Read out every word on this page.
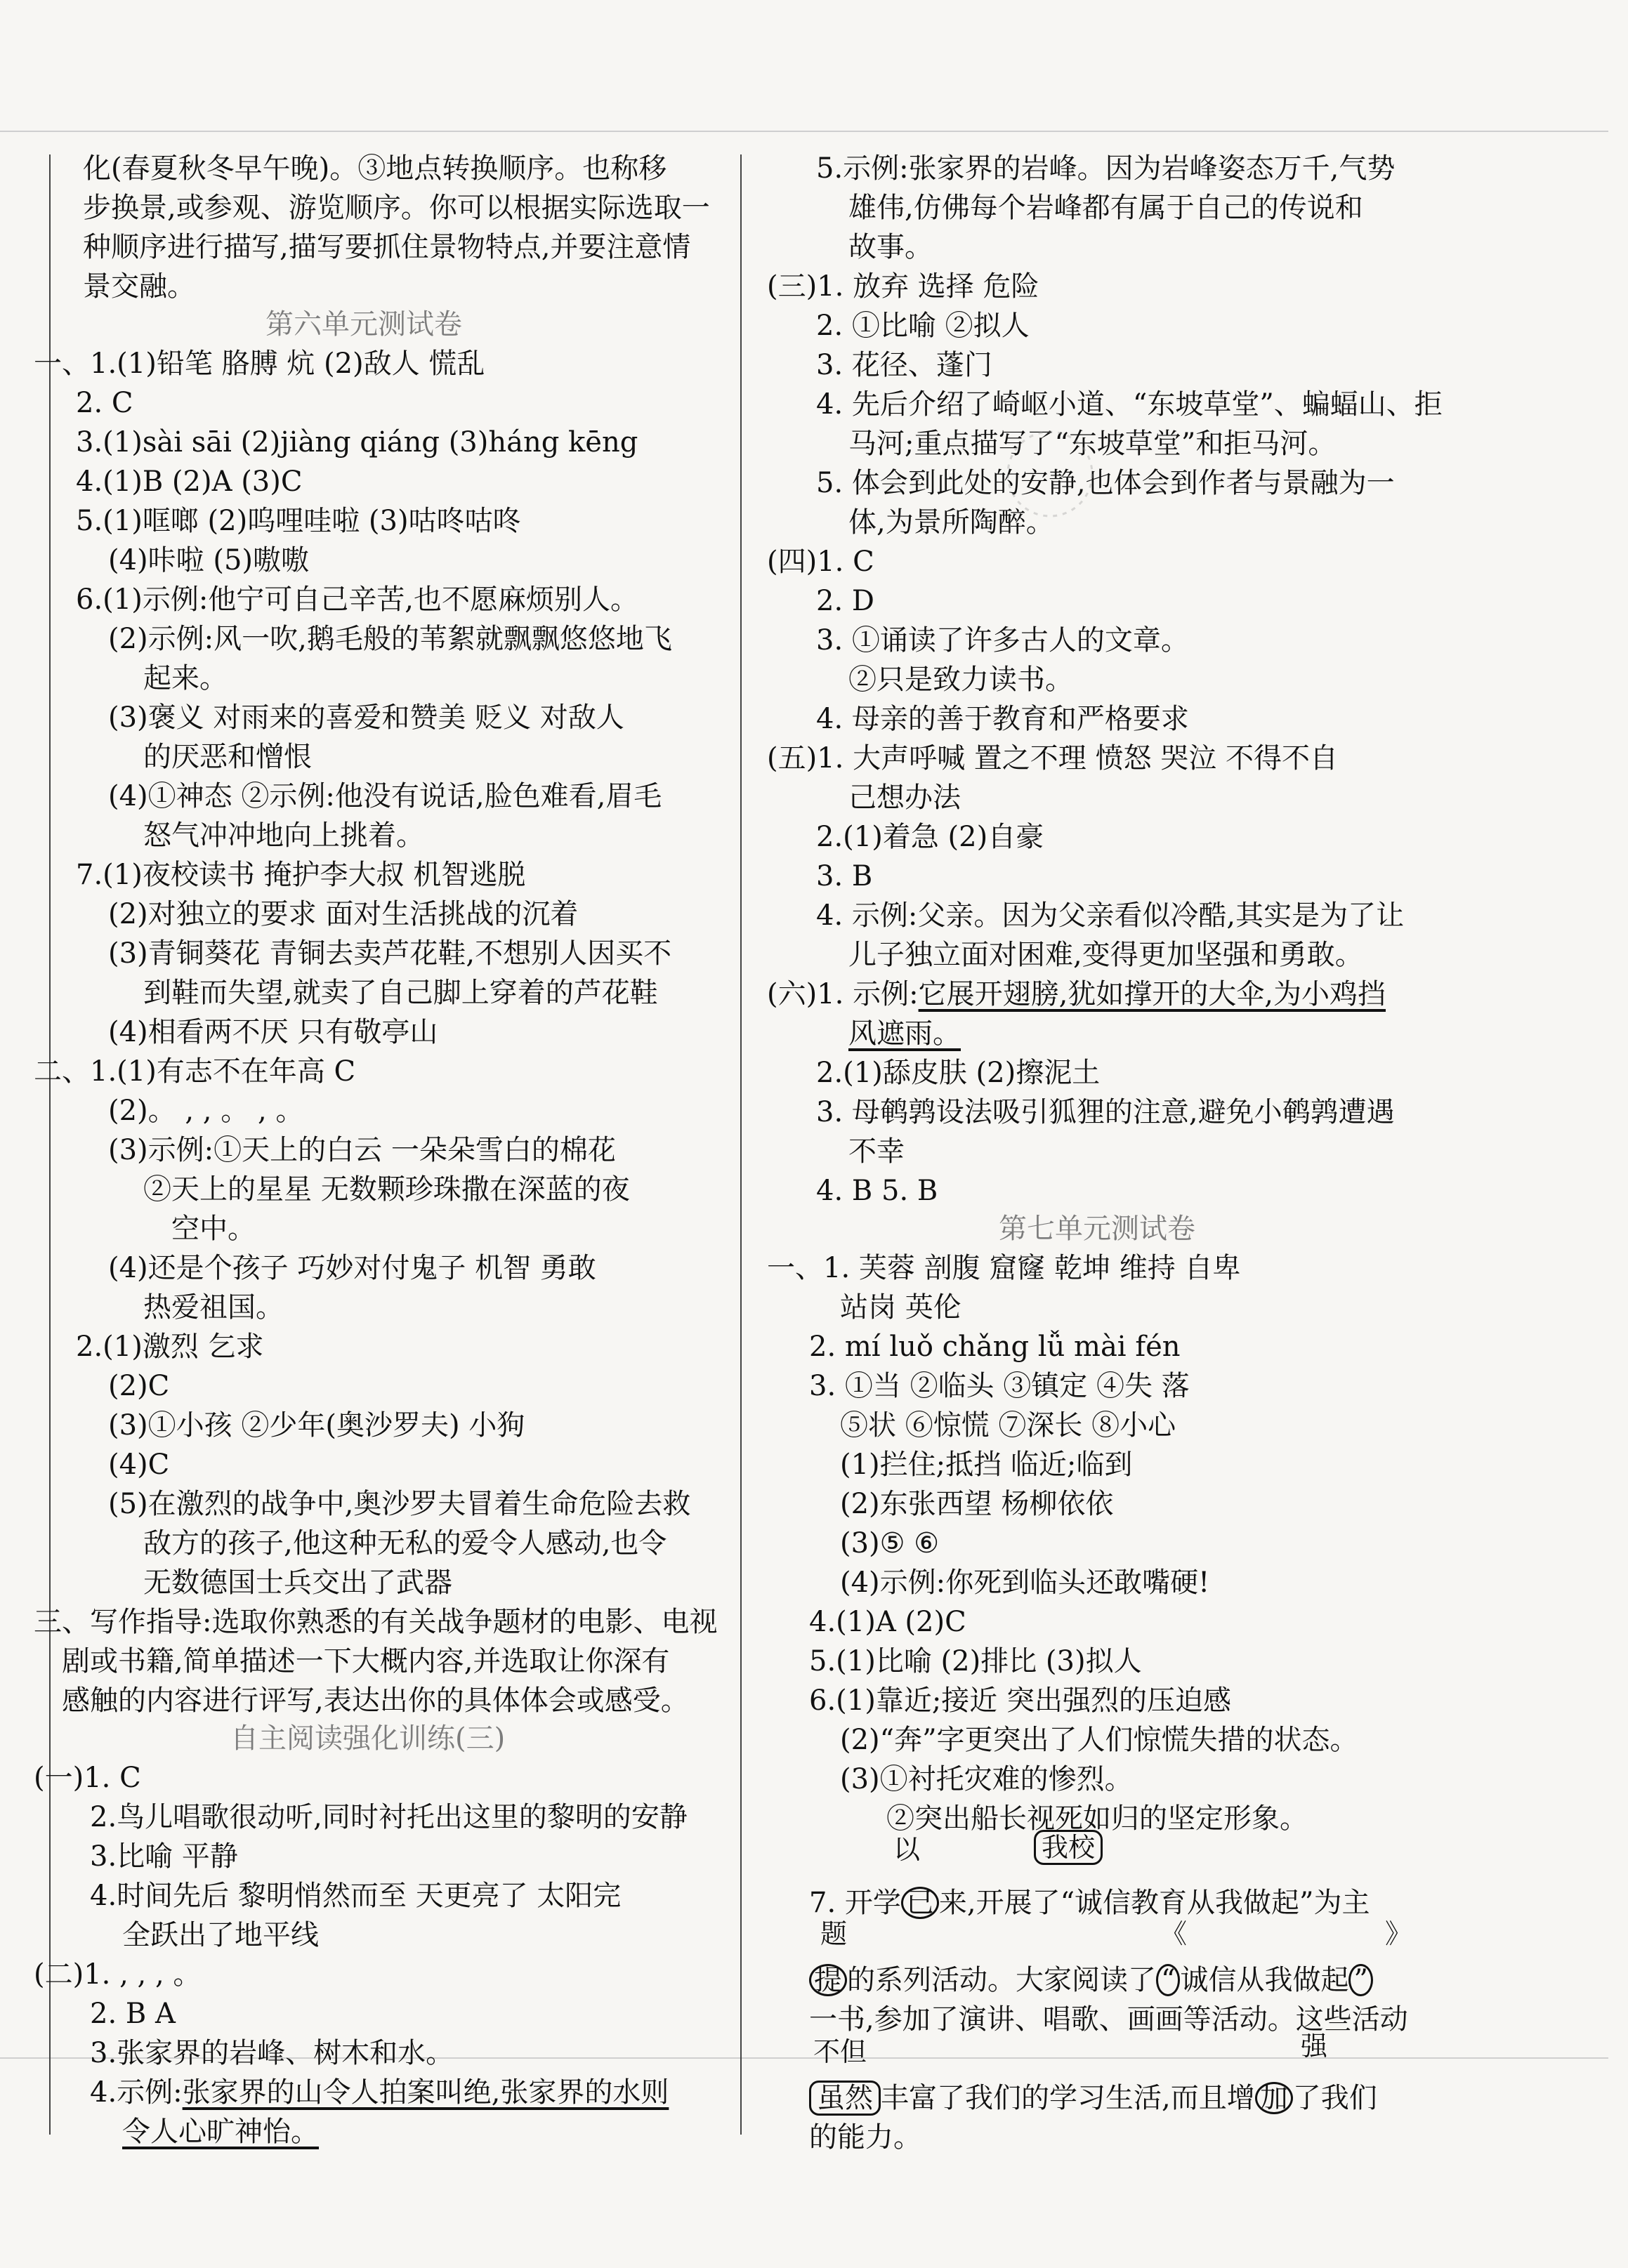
化(春夏秋冬早午晚)。③地点转换顺序。也称移
步换景,或参观、游览顺序。你可以根据实际选取一
种顺序进行描写,描写要抓住景物特点,并要注意情
景交融。
第六单元测试卷
一、1.(1)铅笔 胳膊 炕 (2)敌人 慌乱
2. C
3.(1)sài sāi (2)jiàng qiáng (3)háng kēng
4.(1)B (2)A (3)C
5.(1)哐啷 (2)呜哩哇啦 (3)咕咚咕咚
(4)咔啦 (5)嗷嗷
6.(1)示例:他宁可自己辛苦,也不愿麻烦别人。
(2)示例:风一吹,鹅毛般的苇絮就飘飘悠悠地飞
起来。
(3)褒义 对雨来的喜爱和赞美 贬义 对敌人
的厌恶和憎恨
(4)①神态 ②示例:他没有说话,脸色难看,眉毛
怒气冲冲地向上挑着。
7.(1)夜校读书 掩护李大叔 机智逃脱
(2)对独立的要求 面对生活挑战的沉着
(3)青铜葵花 青铜去卖芦花鞋,不想别人因买不
到鞋而失望,就卖了自己脚上穿着的芦花鞋
(4)相看两不厌 只有敬亭山
二、1.(1)有志不在年高 C
(2)。 , , 。 , 。
(3)示例:①天上的白云 一朵朵雪白的棉花
②天上的星星 无数颗珍珠撒在深蓝的夜
空中。
(4)还是个孩子 巧妙对付鬼子 机智 勇敢
热爱祖国。
2.(1)激烈 乞求
(2)C
(3)①小孩 ②少年(奥沙罗夫) 小狗
(4)C
(5)在激烈的战争中,奥沙罗夫冒着生命危险去救
敌方的孩子,他这种无私的爱令人感动,也令
无数德国士兵交出了武器
三、写作指导:选取你熟悉的有关战争题材的电影、电视
剧或书籍,简单描述一下大概内容,并选取让你深有
感触的内容进行评写,表达出你的具体体会或感受。
自主阅读强化训练(三)
(一)1. C
2.鸟儿唱歌很动听,同时衬托出这里的黎明的安静
3.比喻 平静
4.时间先后 黎明悄然而至 天更亮了 太阳完
全跃出了地平线
(二)1. , , , 。
2. B A
3.张家界的岩峰、树木和水。
4.示例:张家界的山令人拍案叫绝,张家界的水则
令人心旷神怡。
5.示例:张家界的岩峰。因为岩峰姿态万千,气势
雄伟,仿佛每个岩峰都有属于自己的传说和
故事。
(三)1. 放弃 选择 危险
2. ①比喻 ②拟人
3. 花径、蓬门
4. 先后介绍了崎岖小道、“东坡草堂”、蝙蝠山、拒
马河;重点描写了“东坡草堂”和拒马河。
5. 体会到此处的安静,也体会到作者与景融为一
体,为景所陶醉。
(四)1. C
2. D
3. ①诵读了许多古人的文章。
②只是致力读书。
4. 母亲的善于教育和严格要求
(五)1. 大声呼喊 置之不理 愤怒 哭泣 不得不自
己想办法
2.(1)着急 (2)自豪
3. B
4. 示例:父亲。因为父亲看似冷酷,其实是为了让
儿子独立面对困难,变得更加坚强和勇敢。
(六)1. 示例:它展开翅膀,犹如撑开的大伞,为小鸡挡
风遮雨。
2.(1)舔皮肤 (2)擦泥土
3. 母鹌鹑设法吸引狐狸的注意,避免小鹌鹑遭遇
不幸
4. B 5. B
第七单元测试卷
一、1. 芙蓉 剖腹 窟窿 乾坤 维持 自卑
站岗 英伦
2. mí luǒ chǎng lǚ mài fén
3. ①当 ②临头 ③镇定 ④失 落
⑤状 ⑥惊慌 ⑦深长 ⑧小心
(1)拦住;抵挡 临近;临到
(2)东张西望 杨柳依依
(3)⑤ ⑥
(4)示例:你死到临头还敢嘴硬!
4.(1)A (2)C
5.(1)比喻 (2)排比 (3)拟人
6.(1)靠近;接近 突出强烈的压迫感
(2)“奔”字更突出了人们惊慌失措的状态。
(3)①衬托灾难的惨烈。
②突出船长视死如归的坚定形象。
以	我校
7. 开学 已 来,开展了“诚信教育从我做起”为主
题	《	》
提 的系列活动。大家阅读了 “ 诚信从我做起 ”
一书,参加了演讲、唱歌、画画等活动。这些活动
不但	强
虽然 丰富了我们的学习生活,而且增 加 了我们
的能力。
